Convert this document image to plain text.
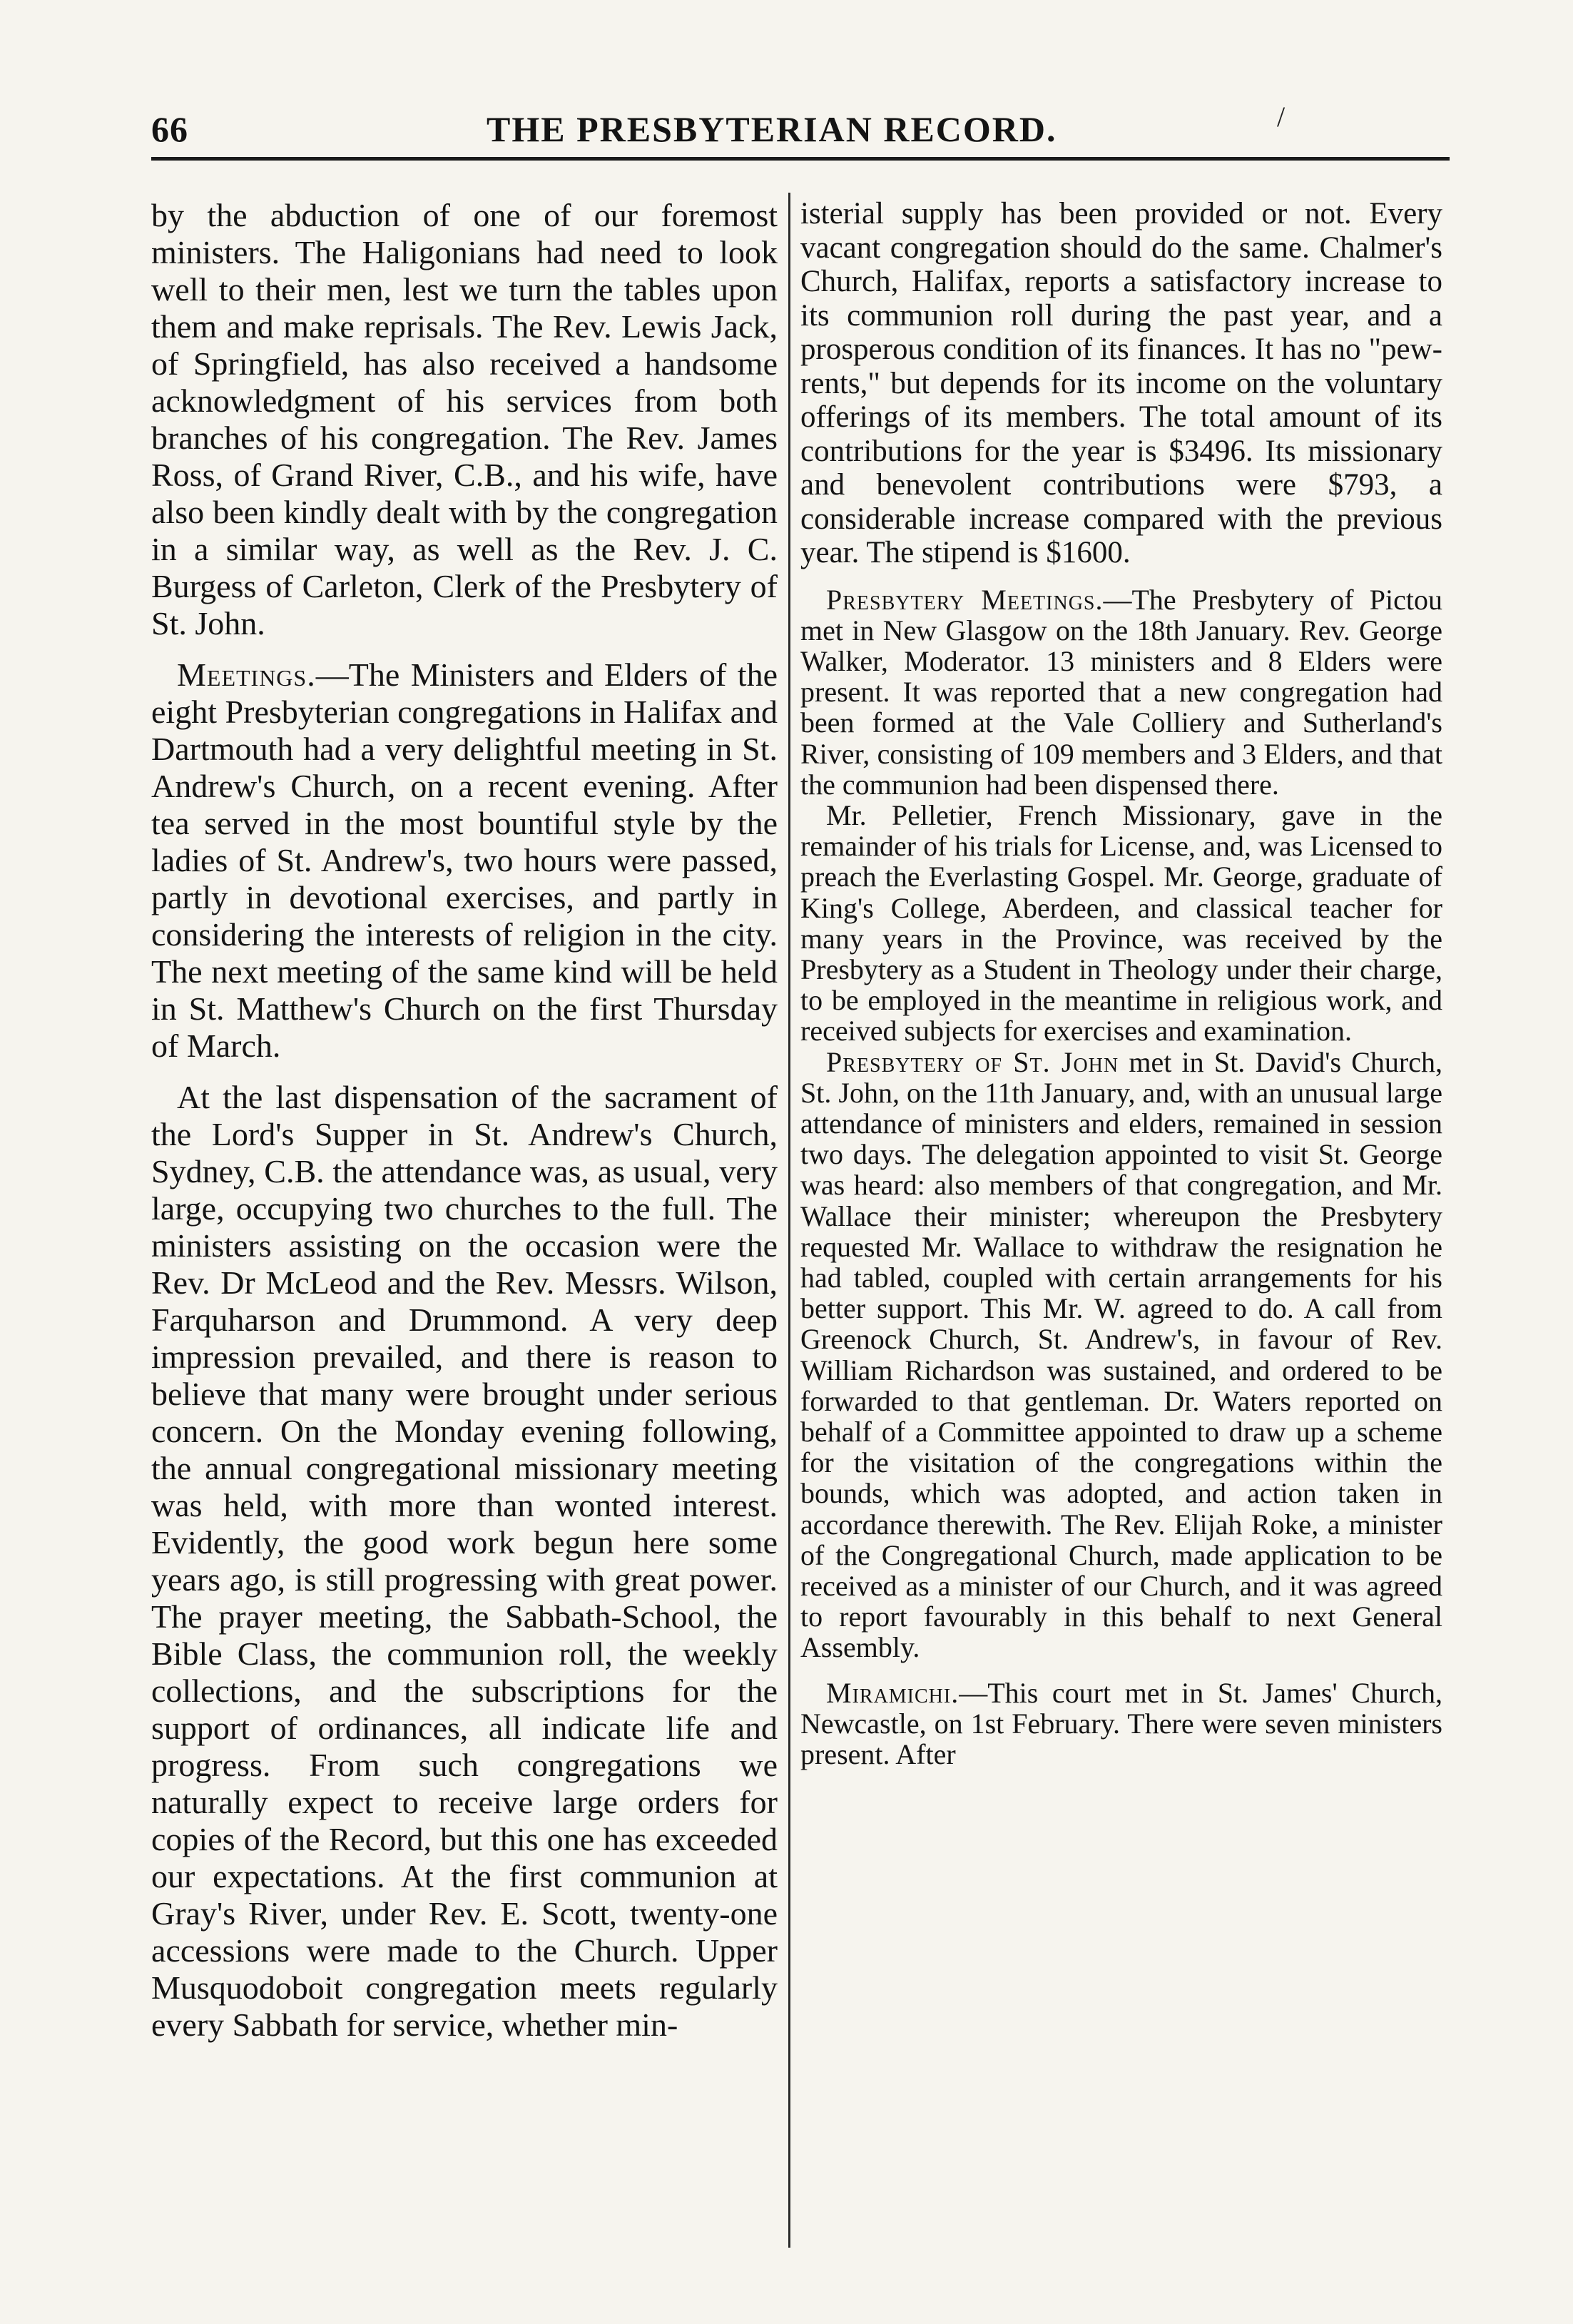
66	THE PRESBYTERIAN RECORD.	/

by the abduction of one of our foremost ministers. The Haligonians had need to look well to their men, lest we turn the tables upon them and make reprisals. The Rev. Lewis Jack, of Springfield, has also received a handsome acknowledgment of his services from both branches of his congregation. The Rev. James Ross, of Grand River, C.B., and his wife, have also been kindly dealt with by the congregation in a similar way, as well as the Rev. J. C. Burgess of Carleton, Clerk of the Presbytery of St. John.

Meetings.—The Ministers and Elders of the eight Presbyterian congregations in Halifax and Dartmouth had a very delightful meeting in St. Andrew's Church, on a recent evening. After tea served in the most bountiful style by the ladies of St. Andrew's, two hours were passed, partly in devotional exercises, and partly in considering the interests of religion in the city. The next meeting of the same kind will be held in St. Matthew's Church on the first Thursday of March.

At the last dispensation of the sacrament of the Lord's Supper in St. Andrew's Church, Sydney, C.B. the attendance was, as usual, very large, occupying two churches to the full. The ministers assisting on the occasion were the Rev. Dr McLeod and the Rev. Messrs. Wilson, Farquharson and Drummond. A very deep impression prevailed, and there is reason to believe that many were brought under serious concern. On the Monday evening following, the annual congregational missionary meeting was held, with more than wonted interest. Evidently, the good work begun here some years ago, is still progressing with great power. The prayer meeting, the Sabbath-School, the Bible Class, the communion roll, the weekly collections, and the subscriptions for the support of ordinances, all indicate life and progress. From such congregations we naturally expect to receive large orders for copies of the Record, but this one has exceeded our expectations. At the first communion at Gray's River, under Rev. E. Scott, twenty-one accessions were made to the Church. Upper Musquodoboit congregation meets regularly every Sabbath for service, whether min-

isterial supply has been provided or not. Every vacant congregation should do the same. Chalmer's Church, Halifax, reports a satisfactory increase to its communion roll during the past year, and a prosperous condition of its finances. It has no "pew-rents," but depends for its income on the voluntary offerings of its members. The total amount of its contributions for the year is $3496. Its missionary and benevolent contributions were $793, a considerable increase compared with the previous year. The stipend is $1600.

Presbytery Meetings.—The Presbytery of Pictou met in New Glasgow on the 18th January. Rev. George Walker, Moderator. 13 ministers and 8 Elders were present. It was reported that a new congregation had been formed at the Vale Colliery and Sutherland's River, consisting of 109 members and 3 Elders, and that the communion had been dispensed there.

Mr. Pelletier, French Missionary, gave in the remainder of his trials for License, and, was Licensed to preach the Everlasting Gospel. Mr. George, graduate of King's College, Aberdeen, and classical teacher for many years in the Province, was received by the Presbytery as a Student in Theology under their charge, to be employed in the meantime in religious work, and received subjects for exercises and examination.

Presbytery of St. John met in St. David's Church, St. John, on the 11th January, and, with an unusual large attendance of ministers and elders, remained in session two days. The delegation appointed to visit St. George was heard: also members of that congregation, and Mr. Wallace their minister; whereupon the Presbytery requested Mr. Wallace to withdraw the resignation he had tabled, coupled with certain arrangements for his better support. This Mr. W. agreed to do. A call from Greenock Church, St. Andrew's, in favour of Rev. William Richardson was sustained, and ordered to be forwarded to that gentleman. Dr. Waters reported on behalf of a Committee appointed to draw up a scheme for the visitation of the congregations within the bounds, which was adopted, and action taken in accordance therewith. The Rev. Elijah Roke, a minister of the Congregational Church, made application to be received as a minister of our Church, and it was agreed to report favourably in this behalf to next General Assembly.

Miramichi.—This court met in St. James' Church, Newcastle, on 1st February. There were seven ministers present. After
